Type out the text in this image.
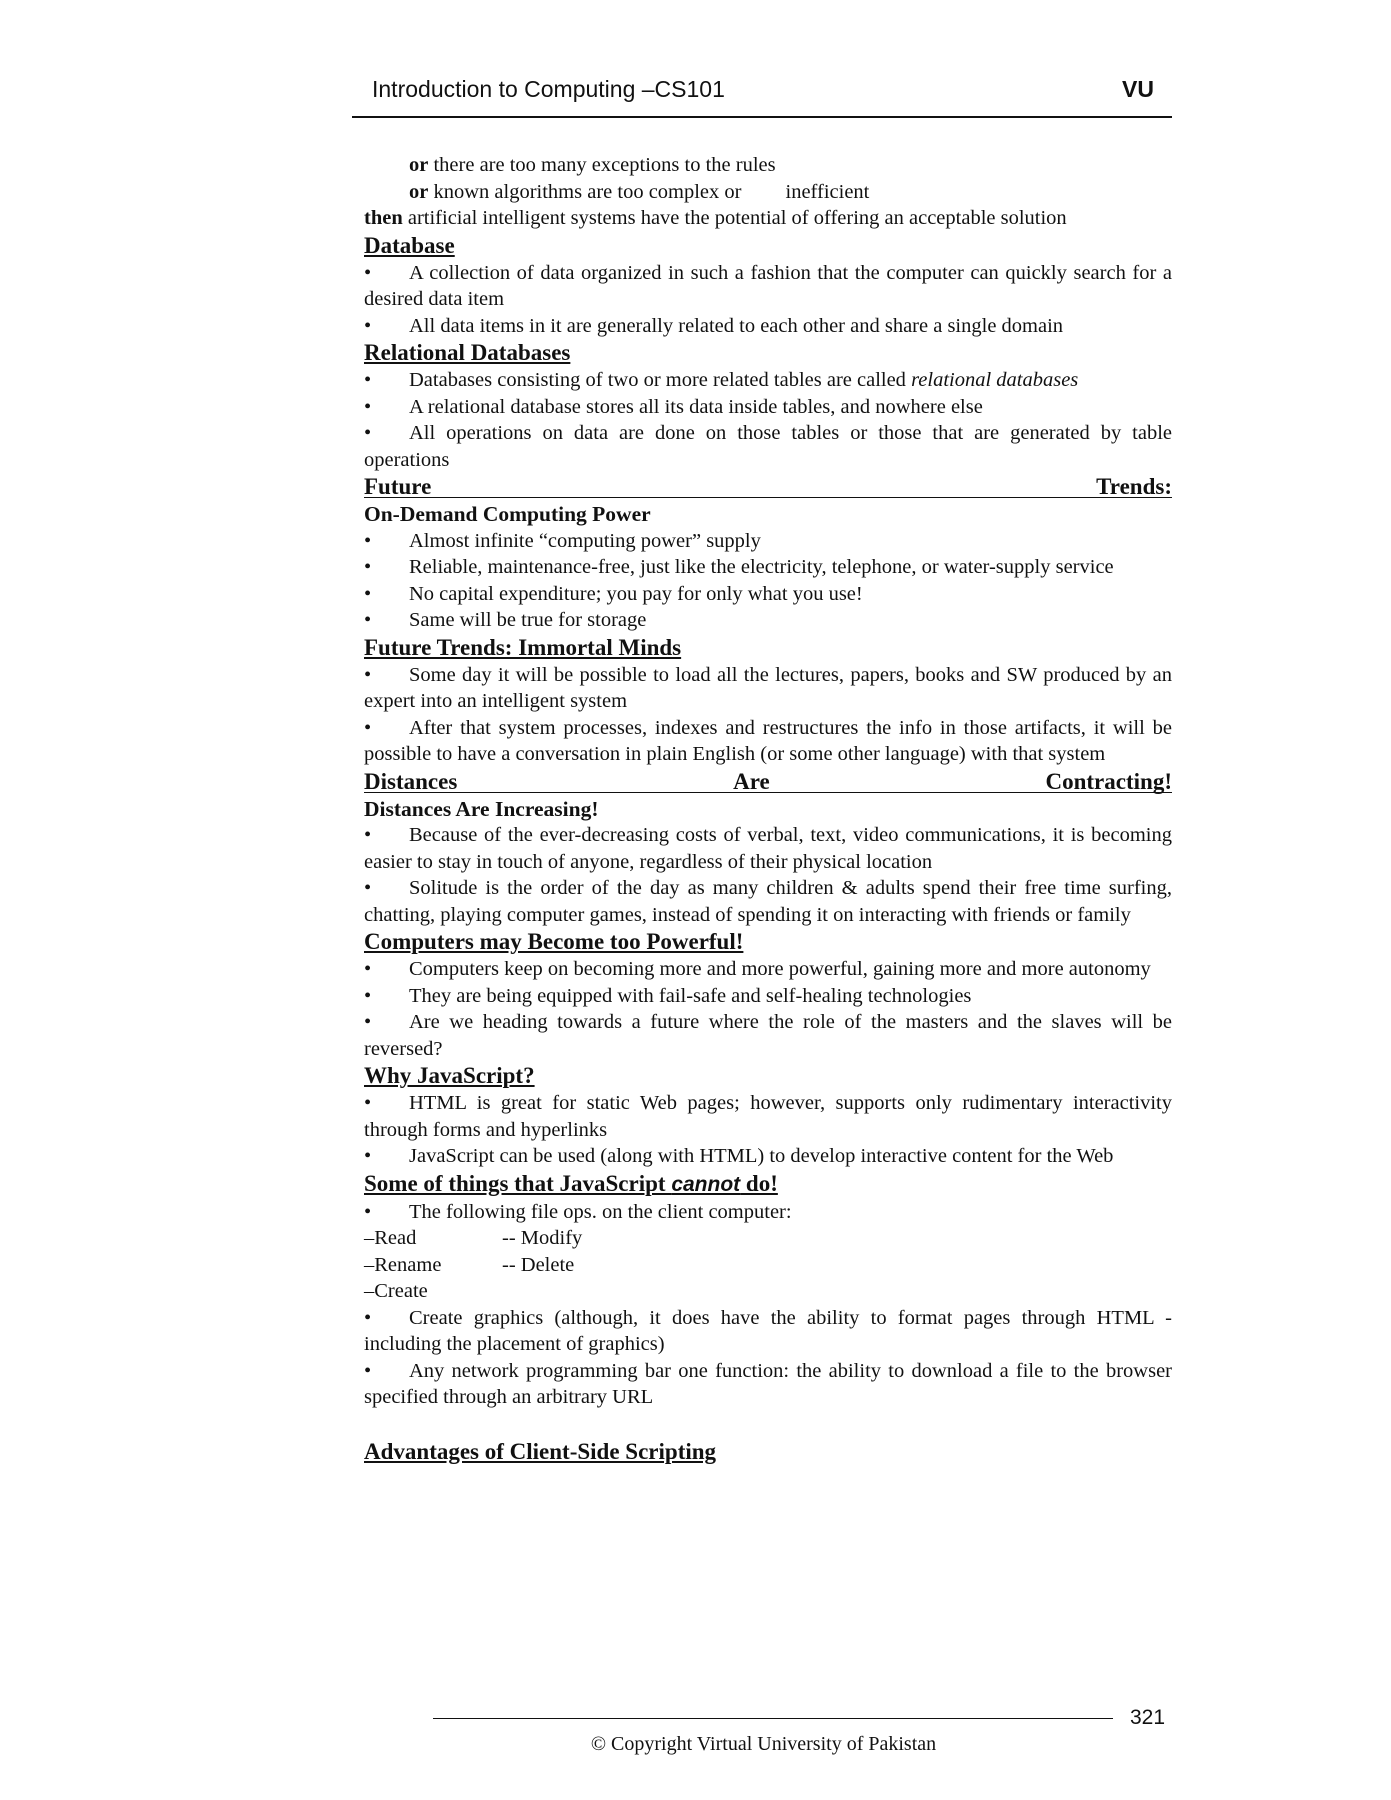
Introduction to Computing –CS101	VU
or there are too many exceptions to the rules
or known algorithms are too complex or inefficient
then artificial intelligent systems have the potential of offering an acceptable solution
Database
• A collection of data organized in such a fashion that the computer can quickly search for a desired data item
• All data items in it are generally related to each other and share a single domain
Relational Databases
• Databases consisting of two or more related tables are called relational databases
• A relational database stores all its data inside tables, and nowhere else
• All operations on data are done on those tables or those that are generated by table operations
Future	Trends:
On-Demand Computing Power
• Almost infinite “computing power” supply
• Reliable, maintenance-free, just like the electricity, telephone, or water-supply service
• No capital expenditure; you pay for only what you use!
• Same will be true for storage
Future Trends: Immortal Minds
• Some day it will be possible to load all the lectures, papers, books and SW produced by an expert into an intelligent system
• After that system processes, indexes and restructures the info in those artifacts, it will be possible to have a conversation in plain English (or some other language) with that system
Distances	Are	Contracting!
Distances Are Increasing!
• Because of the ever-decreasing costs of verbal, text, video communications, it is becoming easier to stay in touch of anyone, regardless of their physical location
• Solitude is the order of the day as many children & adults spend their free time surfing, chatting, playing computer games, instead of spending it on interacting with friends or family
Computers may Become too Powerful!
• Computers keep on becoming more and more powerful, gaining more and more autonomy
• They are being equipped with fail-safe and self-healing technologies
• Are we heading towards a future where the role of the masters and the slaves will be reversed?
Why JavaScript?
• HTML is great for static Web pages; however, supports only rudimentary interactivity through forms and hyperlinks
• JavaScript can be used (along with HTML) to develop interactive content for the Web
Some of things that JavaScript cannot do!
• The following file ops. on the client computer:
–Read	-- Modify
–Rename	-- Delete
–Create
• Create graphics (although, it does have the ability to format pages through HTML - including the placement of graphics)
• Any network programming bar one function: the ability to download a file to the browser specified through an arbitrary URL
Advantages of Client-Side Scripting
321
© Copyright Virtual University of Pakistan
